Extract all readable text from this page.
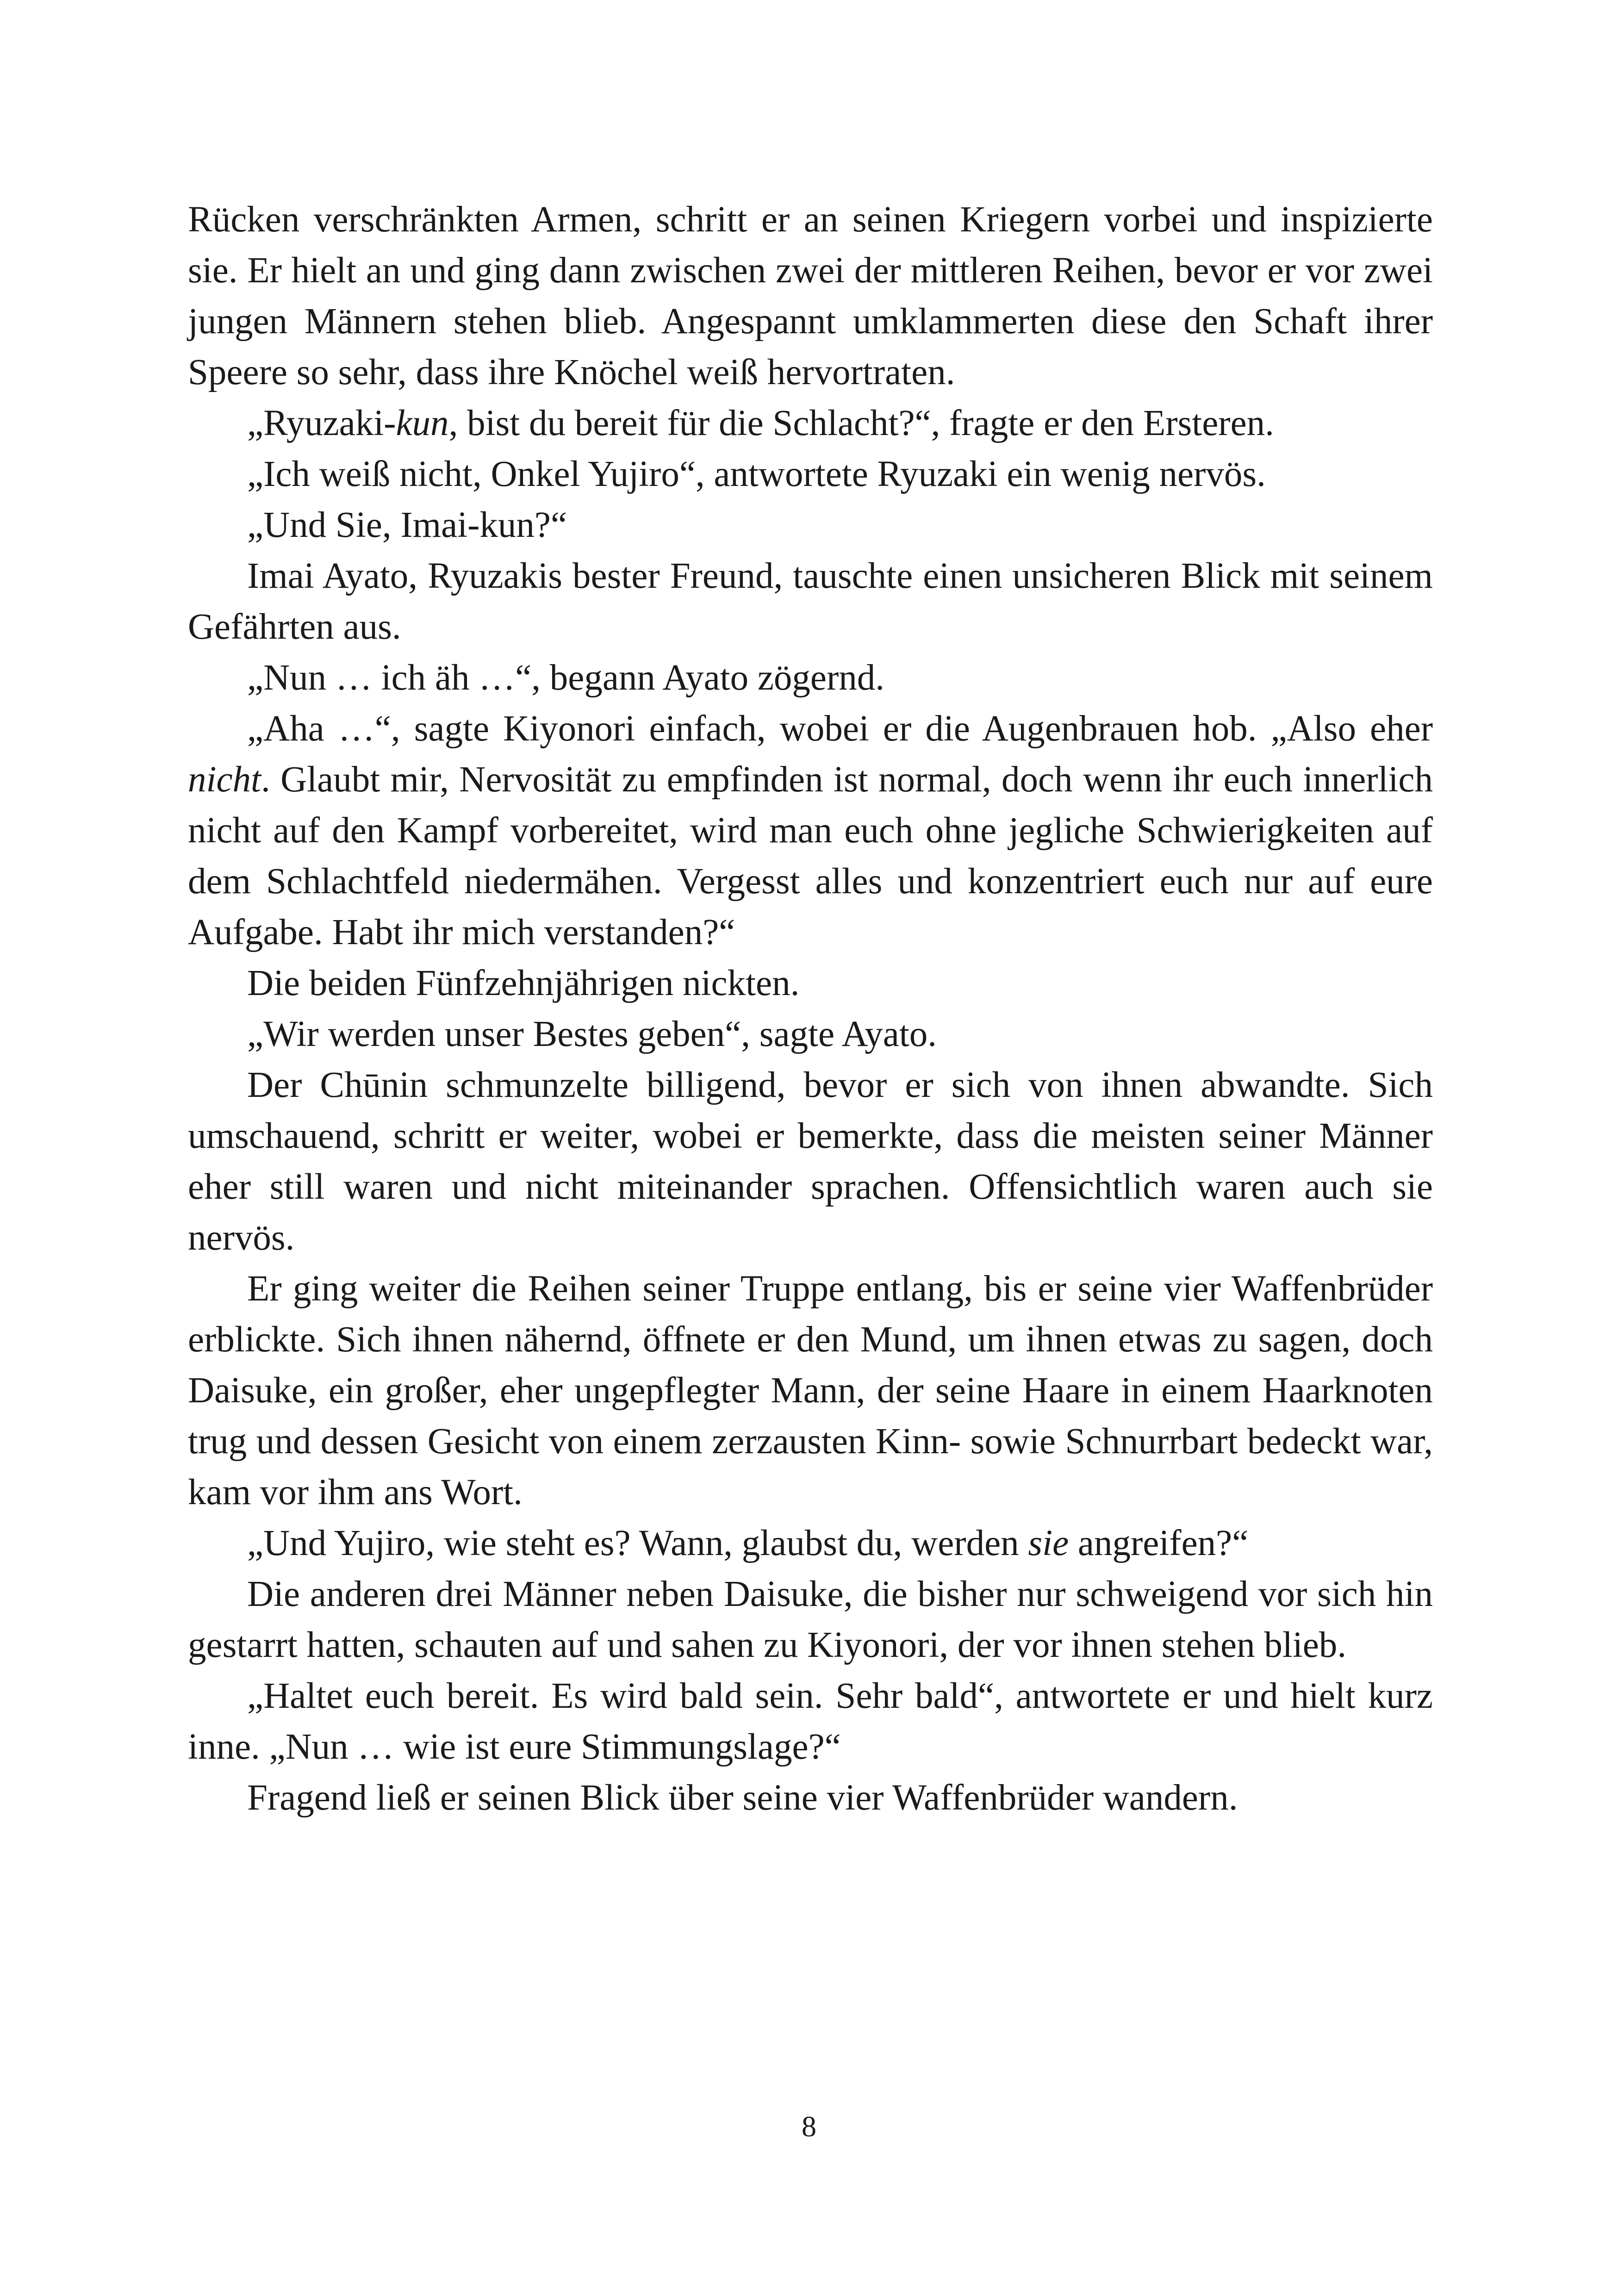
Rücken verschränkten Armen, schritt er an seinen Kriegern vorbei und inspizierte sie. Er hielt an und ging dann zwischen zwei der mittleren Reihen, bevor er vor zwei jungen Männern stehen blieb. Angespannt umklammerten diese den Schaft ihrer Speere so sehr, dass ihre Knöchel weiß hervortraten.

„Ryuzaki-kun, bist du bereit für die Schlacht?“, fragte er den Ersteren.

„Ich weiß nicht, Onkel Yujiro“, antwortete Ryuzaki ein wenig nervös.

„Und Sie, Imai-kun?“

Imai Ayato, Ryuzakis bester Freund, tauschte einen unsicheren Blick mit seinem Gefährten aus.

„Nun … ich äh …“, begann Ayato zögernd.

„Aha …“, sagte Kiyonori einfach, wobei er die Augenbrauen hob. „Also eher nicht. Glaubt mir, Nervosität zu empfinden ist normal, doch wenn ihr euch innerlich nicht auf den Kampf vorbereitet, wird man euch ohne jegliche Schwierigkeiten auf dem Schlachtfeld niedermähen. Vergesst alles und konzentriert euch nur auf eure Aufgabe. Habt ihr mich verstanden?“

Die beiden Fünfzehnjährigen nickten.

„Wir werden unser Bestes geben“, sagte Ayato.

Der Chūnin schmunzelte billigend, bevor er sich von ihnen abwandte. Sich umschauend, schritt er weiter, wobei er bemerkte, dass die meisten seiner Männer eher still waren und nicht miteinander sprachen. Offensichtlich waren auch sie nervös.

Er ging weiter die Reihen seiner Truppe entlang, bis er seine vier Waffenbrüder erblickte. Sich ihnen nähernd, öffnete er den Mund, um ihnen etwas zu sagen, doch Daisuke, ein großer, eher ungepflegter Mann, der seine Haare in einem Haarknoten trug und dessen Gesicht von einem zerzausten Kinn- sowie Schnurrbart bedeckt war, kam vor ihm ans Wort.

„Und Yujiro, wie steht es? Wann, glaubst du, werden sie angreifen?“

Die anderen drei Männer neben Daisuke, die bisher nur schweigend vor sich hin gestarrt hatten, schauten auf und sahen zu Kiyonori, der vor ihnen stehen blieb.

„Haltet euch bereit. Es wird bald sein. Sehr bald“, antwortete er und hielt kurz inne. „Nun … wie ist eure Stimmungslage?“

Fragend ließ er seinen Blick über seine vier Waffenbrüder wandern.

8
